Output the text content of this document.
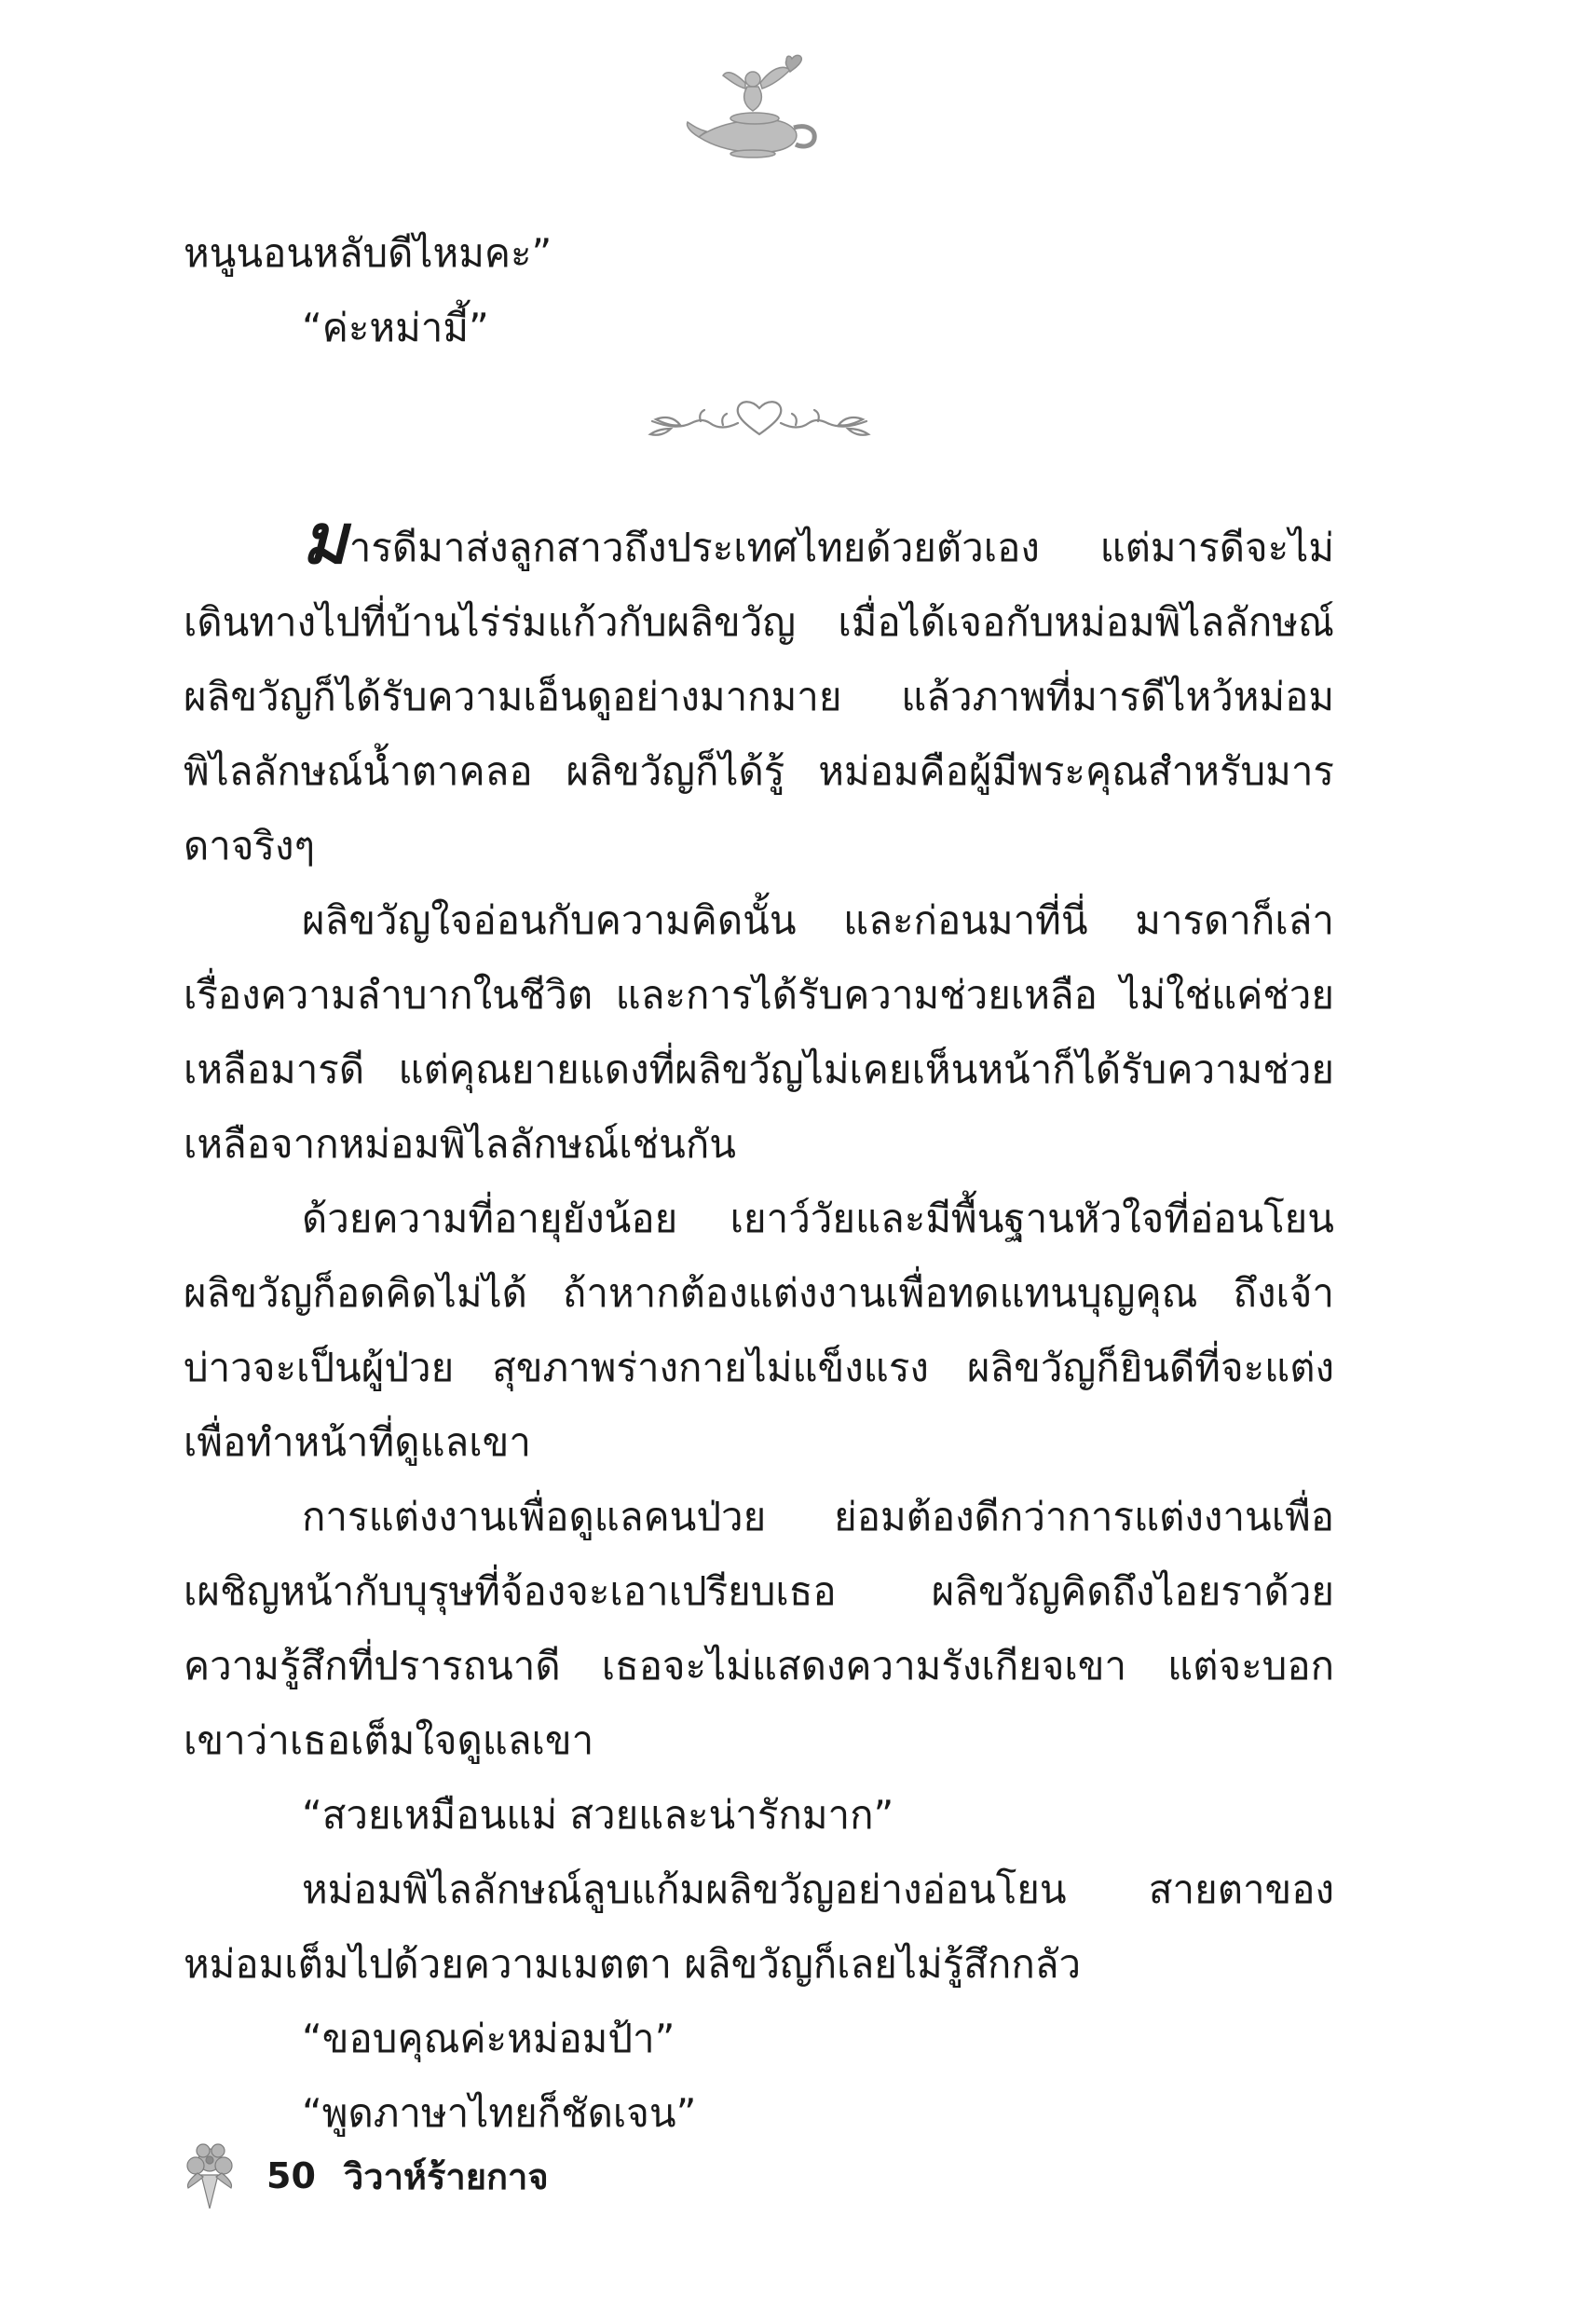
หนูนอนหลับดีไหมคะ”

“ค่ะหม่ามี้”

มารดีมาส่งลูกสาวถึงประเทศไทยด้วยตัวเอง แต่มารดีจะไม่เดินทางไปที่บ้านไร่ร่มแก้วกับผลิขวัญ เมื่อได้เจอกับหม่อมพิไลลักษณ์ ผลิขวัญก็ได้รับความเอ็นดูอย่างมากมาย แล้วภาพที่มารดีไหว้หม่อมพิไลลักษณ์น้ำตาคลอ ผลิขวัญก็ได้รู้ หม่อมคือผู้มีพระคุณสำหรับมารดาจริงๆ

ผลิขวัญใจอ่อนกับความคิดนั้น และก่อนมาที่นี่ มารดาก็เล่าเรื่องความลำบากในชีวิต และการได้รับความช่วยเหลือ ไม่ใช่แค่ช่วยเหลือมารดี แต่คุณยายแดงที่ผลิขวัญไม่เคยเห็นหน้าก็ได้รับความช่วยเหลือจากหม่อมพิไลลักษณ์เช่นกัน

ด้วยความที่อายุยังน้อย เยาว์วัยและมีพื้นฐานหัวใจที่อ่อนโยน ผลิขวัญก็อดคิดไม่ได้ ถ้าหากต้องแต่งงานเพื่อทดแทนบุญคุณ ถึงเจ้าบ่าวจะเป็นผู้ป่วย สุขภาพร่างกายไม่แข็งแรง ผลิขวัญก็ยินดีที่จะแต่ง เพื่อทำหน้าที่ดูแลเขา

การแต่งงานเพื่อดูแลคนป่วย ย่อมต้องดีกว่าการแต่งงานเพื่อเผชิญหน้ากับบุรุษที่จ้องจะเอาเปรียบเธอ ผลิขวัญคิดถึงไอยราด้วยความรู้สึกที่ปรารถนาดี เธอจะไม่แสดงความรังเกียจเขา แต่จะบอกเขาว่าเธอเต็มใจดูแลเขา

“สวยเหมือนแม่ สวยและน่ารักมาก”

หม่อมพิไลลักษณ์ลูบแก้มผลิขวัญอย่างอ่อนโยน สายตาของหม่อมเต็มไปด้วยความเมตตา ผลิขวัญก็เลยไม่รู้สึกกลัว

“ขอบคุณค่ะหม่อมป้า”

“พูดภาษาไทยก็ชัดเจน”

50 วิวาห์ร้ายกาจ
